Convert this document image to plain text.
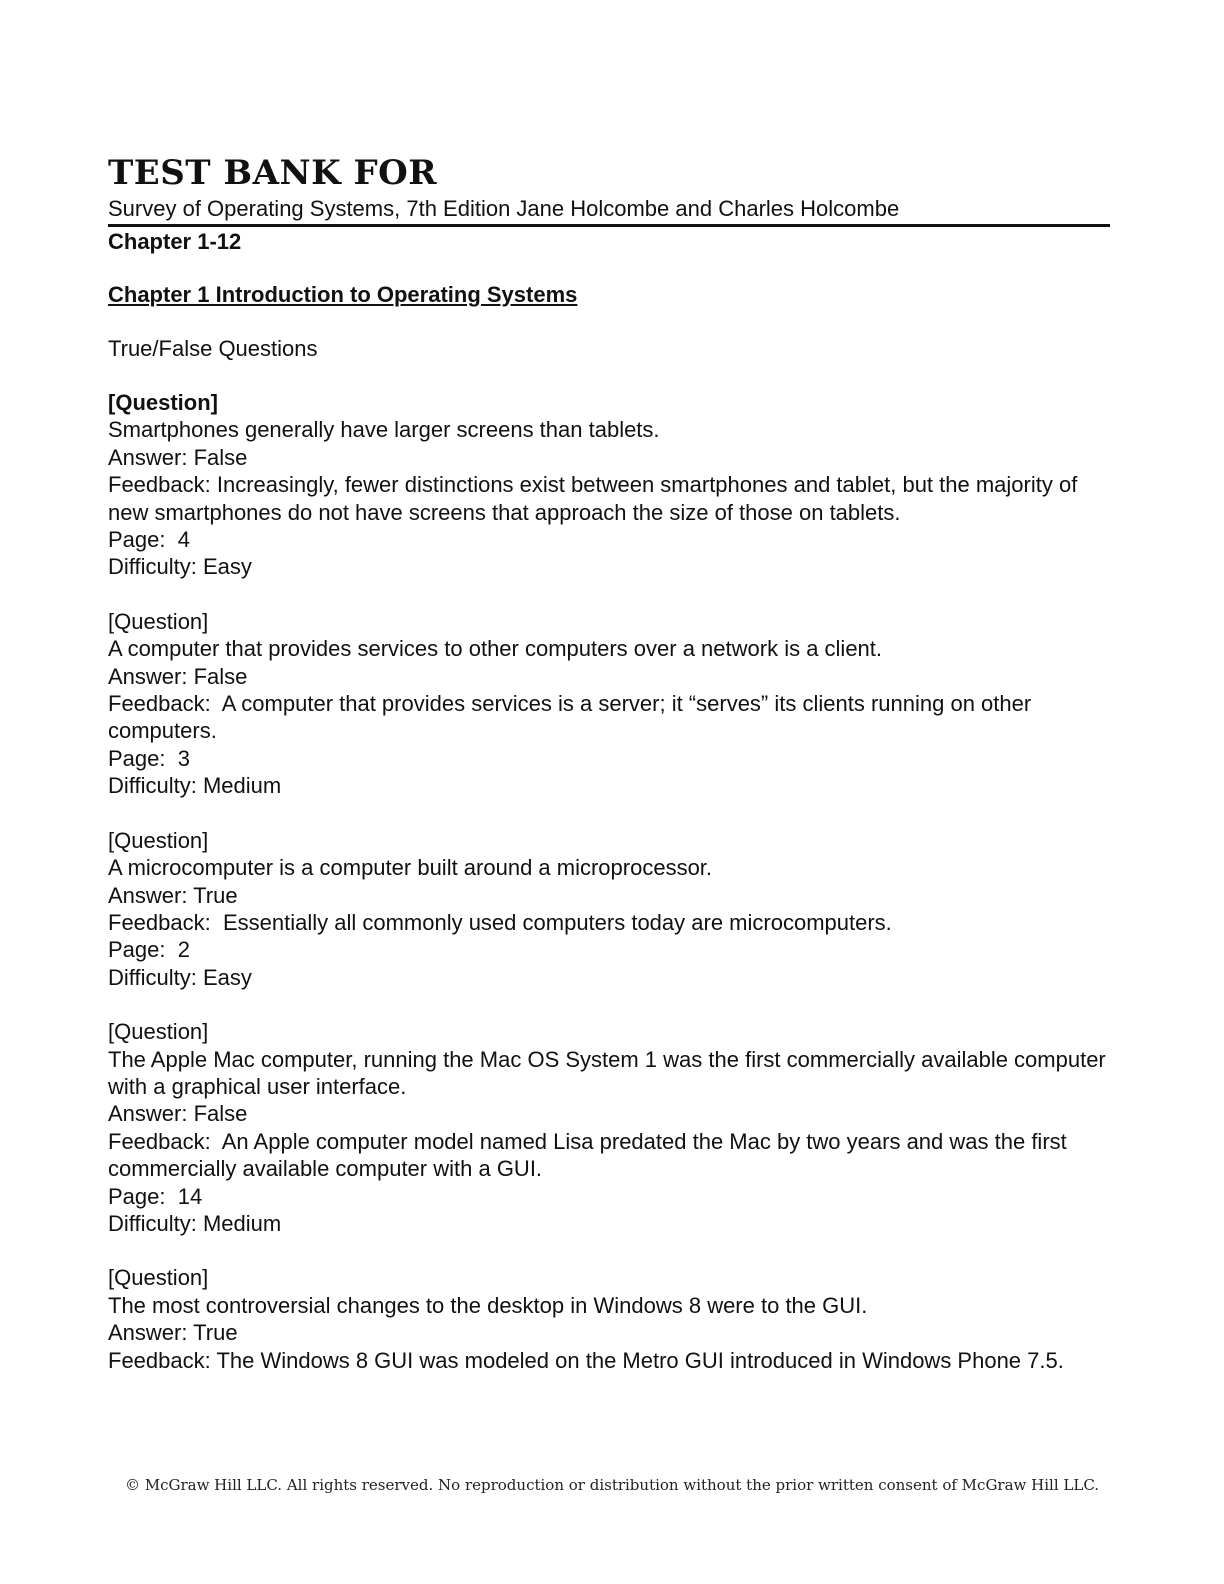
TEST BANK FOR

Survey of Operating Systems, 7th Edition Jane Holcombe and Charles Holcombe

Chapter 1-12

Chapter 1 Introduction to Operating Systems

True/False Questions

[Question]

Smartphones generally have larger screens than tablets.

Answer: False

Feedback: Increasingly, fewer distinctions exist between smartphones and tablet, but the majority of new smartphones do not have screens that approach the size of those on tablets.

Page:  4

Difficulty: Easy

[Question]

A computer that provides services to other computers over a network is a client.

Answer: False

Feedback:  A computer that provides services is a server; it “serves” its clients running on other computers.

Page:  3

Difficulty: Medium

[Question]

A microcomputer is a computer built around a microprocessor.

Answer: True

Feedback:  Essentially all commonly used computers today are microcomputers.

Page:  2

Difficulty: Easy

[Question]

The Apple Mac computer, running the Mac OS System 1 was the first commercially available computer with a graphical user interface.

Answer: False

Feedback:  An Apple computer model named Lisa predated the Mac by two years and was the first commercially available computer with a GUI.

Page:  14

Difficulty: Medium

[Question]

The most controversial changes to the desktop in Windows 8 were to the GUI.

Answer: True

Feedback: The Windows 8 GUI was modeled on the Metro GUI introduced in Windows Phone 7.5.

© McGraw Hill LLC. All rights reserved. No reproduction or distribution without the prior written consent of McGraw Hill LLC.
